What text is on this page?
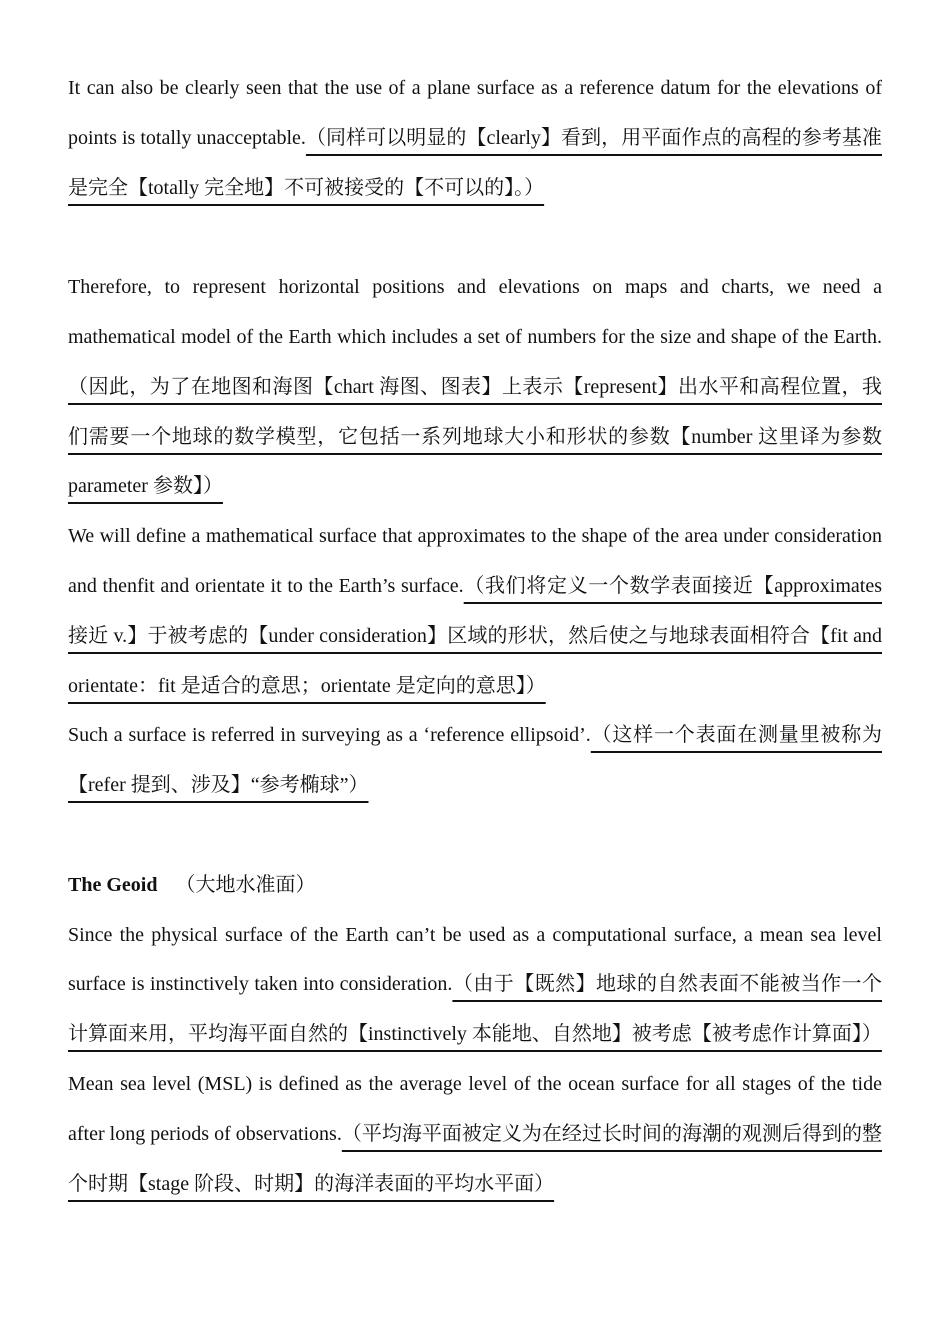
It can also be clearly seen that the use of a plane surface as a reference datum for the elevations of points is totally unacceptable.（同样可以明显的【clearly】看到，用平面作点的高程的参考基准是完全【totally 完全地】不可被接受的【不可以的】。）

Therefore, to represent horizontal positions and elevations on maps and charts, we need a mathematical model of the Earth which includes a set of numbers for the size and shape of the Earth.（因此，为了在地图和海图【chart 海图、图表】上表示【represent】出水平和高程位置，我们需要一个地球的数学模型，它包括一系列地球大小和形状的参数【number 这里译为参数 parameter 参数】）

We will define a mathematical surface that approximates to the shape of the area under consideration and thenfit and orientate it to the Earth’s surface.（我们将定义一个数学表面接近【approximates 接近 v.】于被考虑的【under consideration】区域的形状，然后使之与地球表面相符合【fit and orientate：fit 是适合的意思；orientate 是定向的意思】）

Such a surface is referred in surveying as a ‘reference ellipsoid’.（这样一个表面在测量里被称为【refer 提到、涉及】“参考椭球”）

The Geoid （大地水准面）

Since the physical surface of the Earth can’t be used as a computational surface, a mean sea level surface is instinctively taken into consideration.（由于【既然】地球的自然表面不能被当作一个计算面来用，平均海平面自然的【instinctively 本能地、自然地】被考虑【被考虑作计算面】）

Mean sea level (MSL) is defined as the average level of the ocean surface for all stages of the tide after long periods of observations.（平均海平面被定义为在经过长时间的海潮的观测后得到的整个时期【stage 阶段、时期】的海洋表面的平均水平面）
